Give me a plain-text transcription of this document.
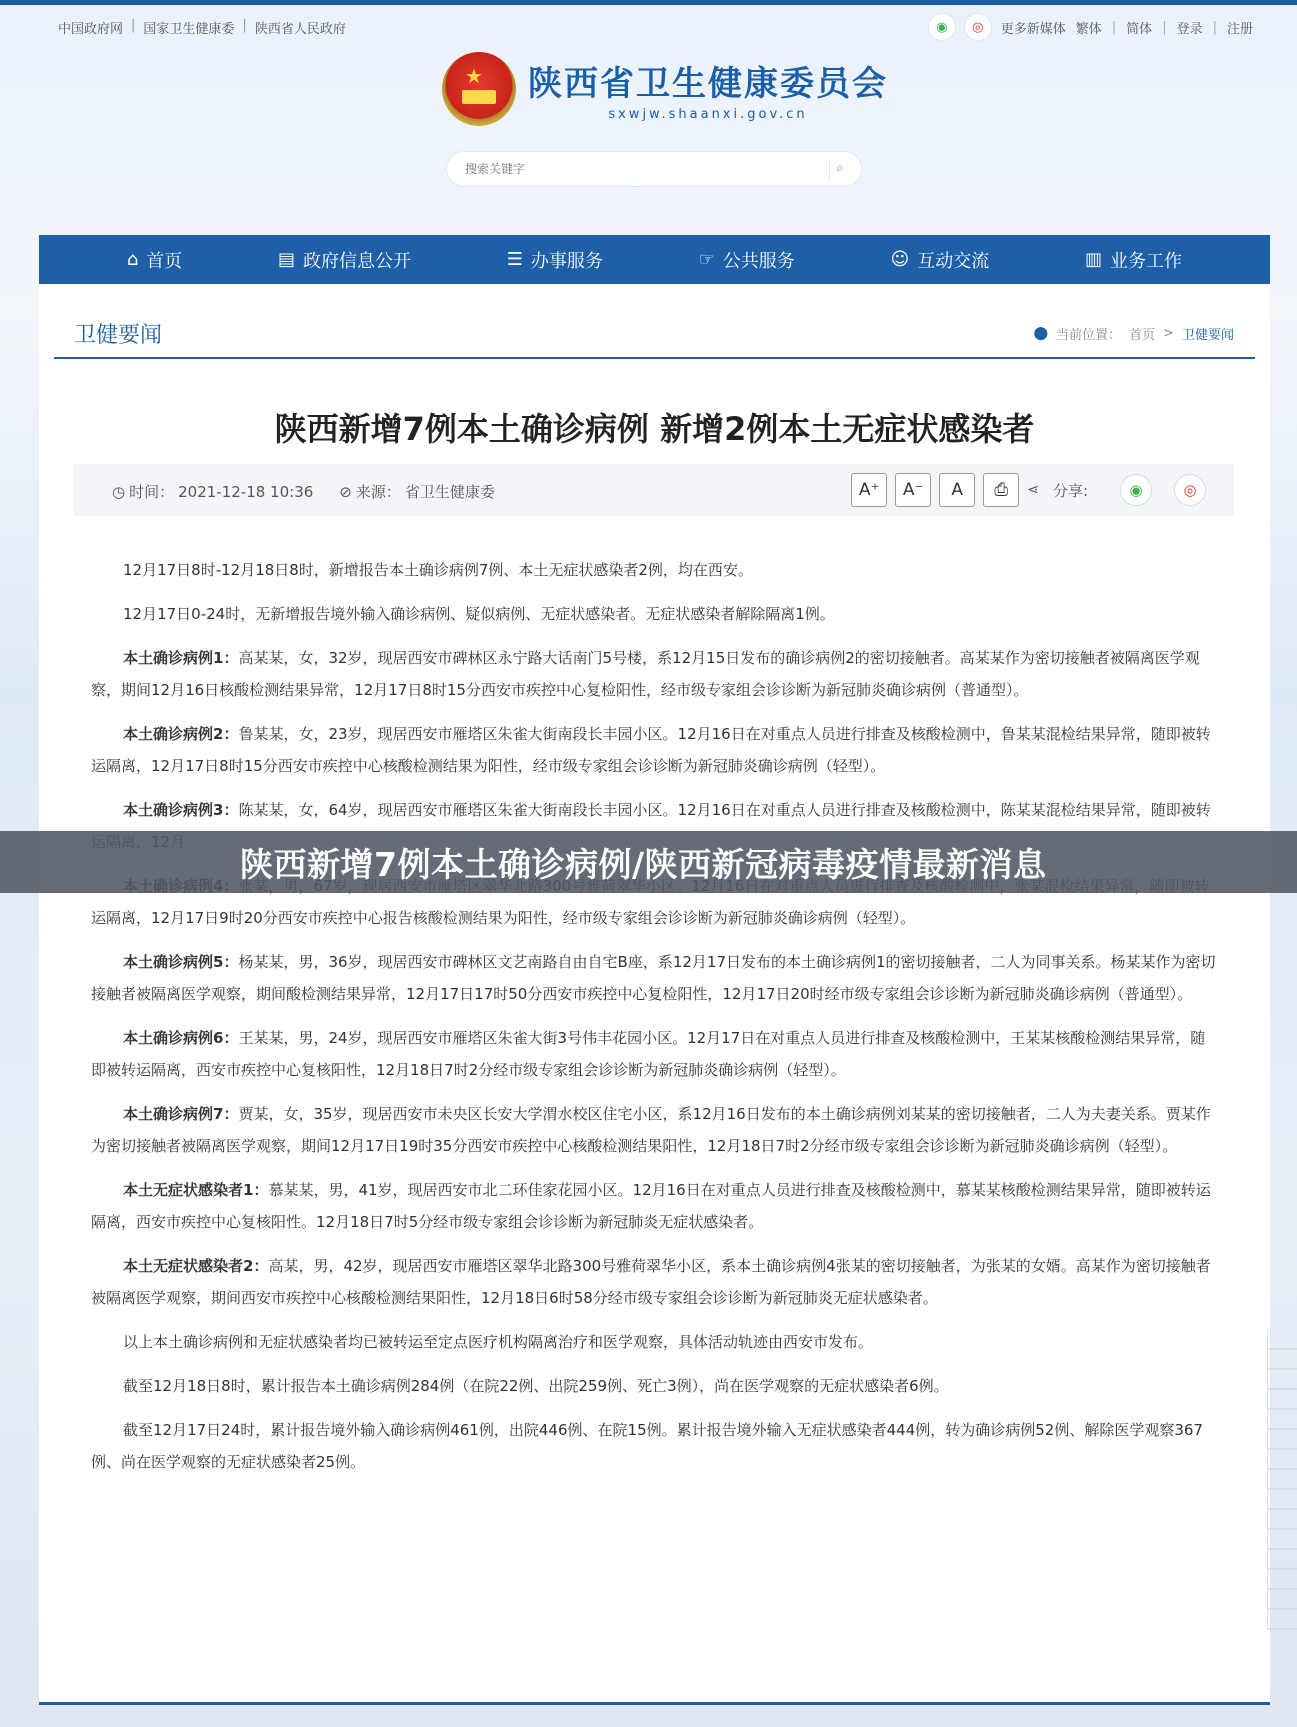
中国政府网 | 国家卫生健康委 | 陕西省人民政府	◉	◎	更多新媒体 繁体 | 简体 | 登录 | 注册
★ 陕西省卫生健康委员会
sxwjw.shaanxi.gov.cn
搜索关键字
⌕
⌂ 首页	▤ 政府信息公开	☰ 办事服务	☞ 公共服务	☺ 互动交流	▥ 业务工作
卫健要闻	⬤ 当前位置： 首页 > 卫健要闻
陕西新增7例本土确诊病例 新增2例本土无症状感染者
◷ 时间： 2021-12-18 10:36 ⊘ 来源： 省卫生健康委	A⁺	A⁻	A	⎙ ⋖ 分享:	◉	◎

12月17日8时-12月18日8时，新增报告本土确诊病例7例、本土无症状感染者2例，均在西安。

12月17日0-24时，无新增报告境外输入确诊病例、疑似病例、无症状感染者。无症状感染者解除隔离1例。

本土确诊病例1：高某某，女，32岁，现居西安市碑林区永宁路大话南门5号楼，系12月15日发布的确诊病例2的密切接触者。高某某作为密切接触者被隔离医学观察，期间12月16日核酸检测结果异常，12月17日8时15分西安市疾控中心复检阳性，经市级专家组会诊诊断为新冠肺炎确诊病例（普通型）。

本土确诊病例2：鲁某某，女，23岁，现居西安市雁塔区朱雀大街南段长丰园小区。12月16日在对重点人员进行排查及核酸检测中，鲁某某混检结果异常，随即被转运隔离，12月17日8时15分西安市疾控中心核酸检测结果为阳性，经市级专家组会诊诊断为新冠肺炎确诊病例（轻型）。

本土确诊病例3：陈某某，女，64岁，现居西安市雁塔区朱雀大街南段长丰园小区。12月16日在对重点人员进行排查及核酸检测中，陈某某混检结果异常，随即被转

运隔离，12月17日9时20分西安市疾控中心报告核酸检测结果为阳性，经市级专家组会诊诊断为新冠肺炎确诊病例（轻型）。

本土确诊病例5：杨某某，男，36岁，现居西安市碑林区文艺南路自由自宅B座，系12月17日发布的本土确诊病例1的密切接触者，二人为同事关系。杨某某作为密切接触者被隔离医学观察，期间酸检测结果异常，12月17日17时50分西安市疾控中心复检阳性，12月17日20时经市级专家组会诊诊断为新冠肺炎确诊病例（普通型）。

本土确诊病例6：王某某，男，24岁，现居西安市雁塔区朱雀大街3号伟丰花园小区。12月17日在对重点人员进行排查及核酸检测中，王某某核酸检测结果异常，随即被转运隔离，西安市疾控中心复核阳性，12月18日7时2分经市级专家组会诊诊断为新冠肺炎确诊病例（轻型）。

本土确诊病例7：贾某，女，35岁，现居西安市未央区长安大学渭水校区住宅小区，系12月16日发布的本土确诊病例刘某某的密切接触者，二人为夫妻关系。贾某作为密切接触者被隔离医学观察，期间12月17日19时35分西安市疾控中心核酸检测结果阳性，12月18日7时2分经市级专家组会诊诊断为新冠肺炎确诊病例（轻型）。

本土无症状感染者1：慕某某，男，41岁，现居西安市北二环佳家花园小区。12月16日在对重点人员进行排查及核酸检测中，慕某某核酸检测结果异常，随即被转运隔离，西安市疾控中心复核阳性。12月18日7时5分经市级专家组会诊诊断为新冠肺炎无症状感染者。

本土无症状感染者2：高某，男，42岁，现居西安市雁塔区翠华北路300号雅荷翠华小区，系本土确诊病例4张某的密切接触者，为张某的女婿。高某作为密切接触者被隔离医学观察，期间西安市疾控中心核酸检测结果阳性，12月18日6时58分经市级专家组会诊诊断为新冠肺炎无症状感染者。

以上本土确诊病例和无症状感染者均已被转运至定点医疗机构隔离治疗和医学观察，具体活动轨迹由西安市发布。

截至12月18日8时，累计报告本土确诊病例284例（在院22例、出院259例、死亡3例），尚在医学观察的无症状感染者6例。

截至12月17日24时，累计报告境外输入确诊病例461例，出院446例、在院15例。累计报告境外输入无症状感染者444例，转为确诊病例52例、解除医学观察367例、尚在医学观察的无症状感染者25例。

陕西新增7例本土确诊病例/陕西新冠病毒疫情最新消息
